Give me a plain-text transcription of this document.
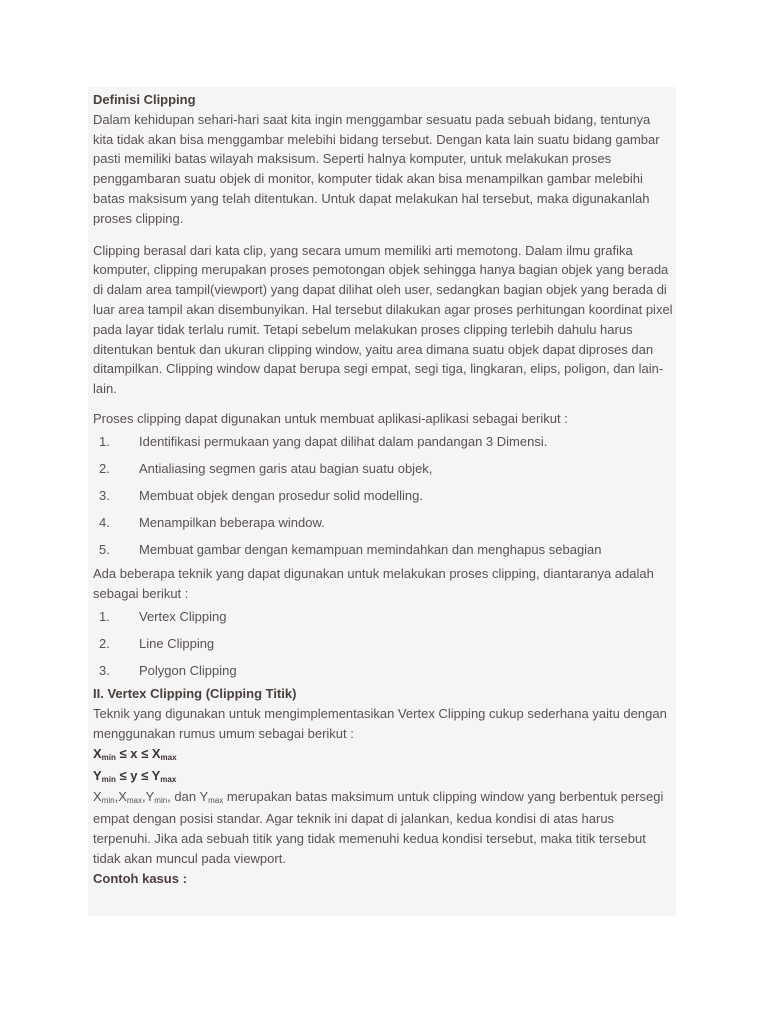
Definisi Clipping

Dalam kehidupan sehari-hari saat kita ingin menggambar sesuatu pada sebuah bidang, tentunya kita tidak akan bisa menggambar melebihi bidang tersebut. Dengan kata lain suatu bidang gambar pasti memiliki batas wilayah maksisum. Seperti halnya komputer, untuk melakukan proses penggambaran suatu objek di monitor, komputer tidak akan bisa menampilkan gambar melebihi batas maksisum yang telah ditentukan. Untuk dapat melakukan hal tersebut, maka digunakanlah proses clipping.

Clipping berasal dari kata clip, yang secara umum memiliki arti memotong. Dalam ilmu grafika komputer, clipping merupakan proses pemotongan objek sehingga hanya bagian objek yang berada di dalam area tampil(viewport) yang dapat dilihat oleh user, sedangkan bagian objek yang berada di luar area tampil akan disembunyikan. Hal tersebut dilakukan agar proses perhitungan koordinat pixel pada layar tidak terlalu rumit. Tetapi sebelum melakukan proses clipping terlebih dahulu harus ditentukan bentuk dan ukuran clipping window, yaitu area dimana suatu objek dapat diproses dan ditampilkan. Clipping window dapat berupa segi empat, segi tiga, lingkaran, elips, poligon, dan lain-lain.

Proses clipping dapat digunakan untuk membuat aplikasi-aplikasi sebagai berikut :

1.	Identifikasi permukaan yang dapat dilihat dalam pandangan 3 Dimensi.
2.	Antialiasing segmen garis atau bagian suatu objek,
3.	Membuat objek dengan prosedur solid modelling.
4.	Menampilkan beberapa window.
5.	Membuat gambar dengan kemampuan memindahkan dan menghapus sebagian

Ada beberapa teknik yang dapat digunakan untuk melakukan proses clipping, diantaranya adalah sebagai berikut :

1.	Vertex Clipping
2.	Line Clipping
3.	Polygon Clipping
II. Vertex Clipping (Clipping Titik)

Teknik yang digunakan untuk mengimplementasikan Vertex Clipping cukup sederhana yaitu dengan menggunakan rumus umum sebagai berikut :

$X_{min} \le x \le X_{max}$
$Y_{min} \le y \le Y_{max}$

$X_{min},X_{max},Y_{min}$, dan $Y_{max}$ merupakan batas maksimum untuk clipping window yang berbentuk persegi empat dengan posisi standar. Agar teknik ini dapat di jalankan, kedua kondisi di atas harus terpenuhi. Jika ada sebuah titik yang tidak memenuhi kedua kondisi tersebut, maka titik tersebut tidak akan muncul pada viewport.

Contoh kasus :
